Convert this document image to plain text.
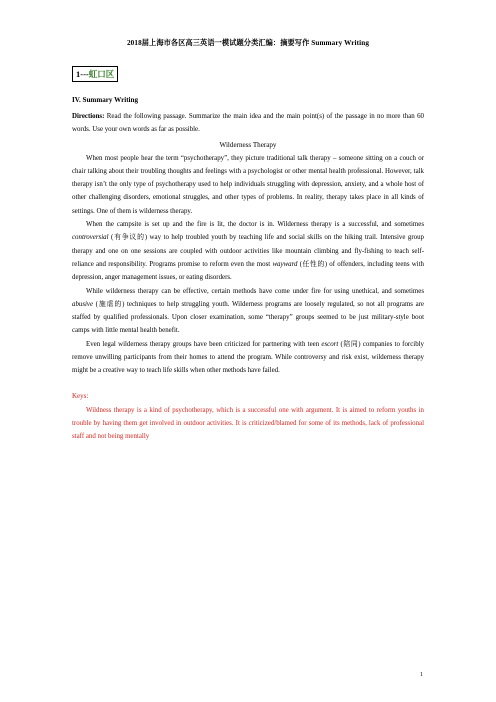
2018届上海市各区高三英语一模试题分类汇编：摘要写作 Summary Writing
1---虹口区

IV. Summary Writing

Directions: Read the following passage. Summarize the main idea and the main point(s) of the passage in no more than 60 words. Use your own words as far as possible.

Wilderness Therapy

When most people hear the term “psychotherapy”, they picture traditional talk therapy – someone sitting on a couch or chair talking about their troubling thoughts and feelings with a psychologist or other mental health professional. However, talk therapy isn’t the only type of psychotherapy used to help individuals struggling with depression, anxiety, and a whole host of other challenging disorders, emotional struggles, and other types of problems. In reality, therapy takes place in all kinds of settings. One of them is wilderness therapy.

When the campsite is set up and the fire is lit, the doctor is in. Wilderness therapy is a successful, and sometimes controversial (有争议的) way to help troubled youth by teaching life and social skills on the hiking trail. Intensive group therapy and one on one sessions are coupled with outdoor activities like mountain climbing and fly-fishing to teach self-reliance and responsibility. Programs promise to reform even the most wayward (任性的) of offenders, including teens with depression, anger management issues, or eating disorders.

While wilderness therapy can be effective, certain methods have come under fire for using unethical, and sometimes abusive (施虐的) techniques to help struggling youth. Wilderness programs are loosely regulated, so not all programs are staffed by qualified professionals. Upon closer examination, some “therapy” groups seemed to be just military-style boot camps with little mental health benefit.

Even legal wilderness therapy groups have been criticized for partnering with teen escort (陪同) companies to forcibly remove unwilling participants from their homes to attend the program. While controversy and risk exist, wilderness therapy might be a creative way to teach life skills when other methods have failed.

Keys:

Wildness therapy is a kind of psychotherapy, which is a successful one with argument. It is aimed to reform youths in trouble by having them get involved in outdoor activities. It is criticized/blamed for some of its methods, lack of professional staff and not being mentally

1
